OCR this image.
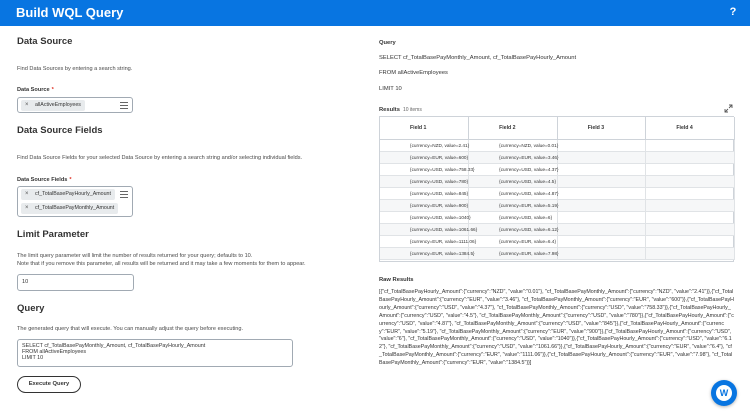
Build WQL Query	?
Data Source
Find Data Sources by entering a search string.
Data Source *
× allActiveEmployees
Data Source Fields
Find Data Source Fields for your selected Data Source by entering a search string and/or selecting individual fields.
Data Source Fields *
× cf_TotalBasePayHourly_Amount
× cf_TotalBasePayMonthly_Amount
Limit Parameter
The limit query parameter will limit the number of results returned for your query; defaults to 10.
Note that if you remove this parameter, all results will be returned and it may take a few moments for them to appear.
10
Query
The generated query that will execute. You can manually adjust the query before executing.
SELECT cf_TotalBasePayMonthly_Amount, cf_TotalBasePayHourly_Amount
FROM allActiveEmployees
LIMIT 10
Execute Query
Query
SELECT cf_TotalBasePayMonthly_Amount, cf_TotalBasePayHourly_Amount
FROM allActiveEmployees
LIMIT 10
Results 10 items
Field 1	Field 2	Field 3	Field 4
{currency=NZD, value=2.41}	{currency=NZD, value=0.01}		
{currency=EUR, value=600}	{currency=EUR, value=3.46}		
{currency=USD, value=758.33}	{currency=USD, value=4.37}		
{currency=USD, value=780}	{currency=USD, value=4.5}		
{currency=USD, value=845}	{currency=USD, value=4.87}		
{currency=EUR, value=900}	{currency=EUR, value=5.19}		
{currency=USD, value=1040}	{currency=USD, value=6}		
{currency=USD, value=1061.66}	{currency=USD, value=6.12}		
{currency=EUR, value=1111.06}	{currency=EUR, value=6.4}		
{currency=EUR, value=1384.5}	{currency=EUR, value=7.98}		
Raw Results
[{"cf_TotalBasePayHourly_Amount":{"currency":"NZD", "value":"0.01"}, "cf_TotalBasePayMonthly_Amount":{"currency":"NZD", "value":"2.41"}},{"cf_TotalBasePayHourly_Amount":{"currency":"EUR", "value":"3.46"}, "cf_TotalBasePayMonthly_Amount":{"currency":"EUR", "value":"600"}},{"cf_TotalBasePayHourly_Amount":{"currency":"USD", "value":"4.37"}, "cf_TotalBasePayMonthly_Amount":{"currency":"USD", "value":"758.33"}},{"cf_TotalBasePayHourly_Amount":{"currency":"USD", "value":"4.5"}, "cf_TotalBasePayMonthly_Amount":{"currency":"USD", "value":"780"}},{"cf_TotalBasePayHourly_Amount":{"currency":"USD", "value":"4.87"}, "cf_TotalBasePayMonthly_Amount":{"currency":"USD", "value":"845"}},{"cf_TotalBasePayHourly_Amount":{"currency":"EUR", "value":"5.19"}, "cf_TotalBasePayMonthly_Amount":{"currency":"EUR", "value":"900"}},{"cf_TotalBasePayHourly_Amount":{"currency":"USD", "value":"6"}, "cf_TotalBasePayMonthly_Amount":{"currency":"USD", "value":"1040"}},{"cf_TotalBasePayHourly_Amount":{"currency":"USD", "value":"6.12"}, "cf_TotalBasePayMonthly_Amount":{"currency":"USD", "value":"1061.66"}},{"cf_TotalBasePayHourly_Amount":{"currency":"EUR", "value":"6.4"}, "cf_TotalBasePayMonthly_Amount":{"currency":"EUR", "value":"1111.06"}},{"cf_TotalBasePayHourly_Amount":{"currency":"EUR", "value":"7.98"}, "cf_TotalBasePayMonthly_Amount":{"currency":"EUR", "value":"1384.5"}}]
W
